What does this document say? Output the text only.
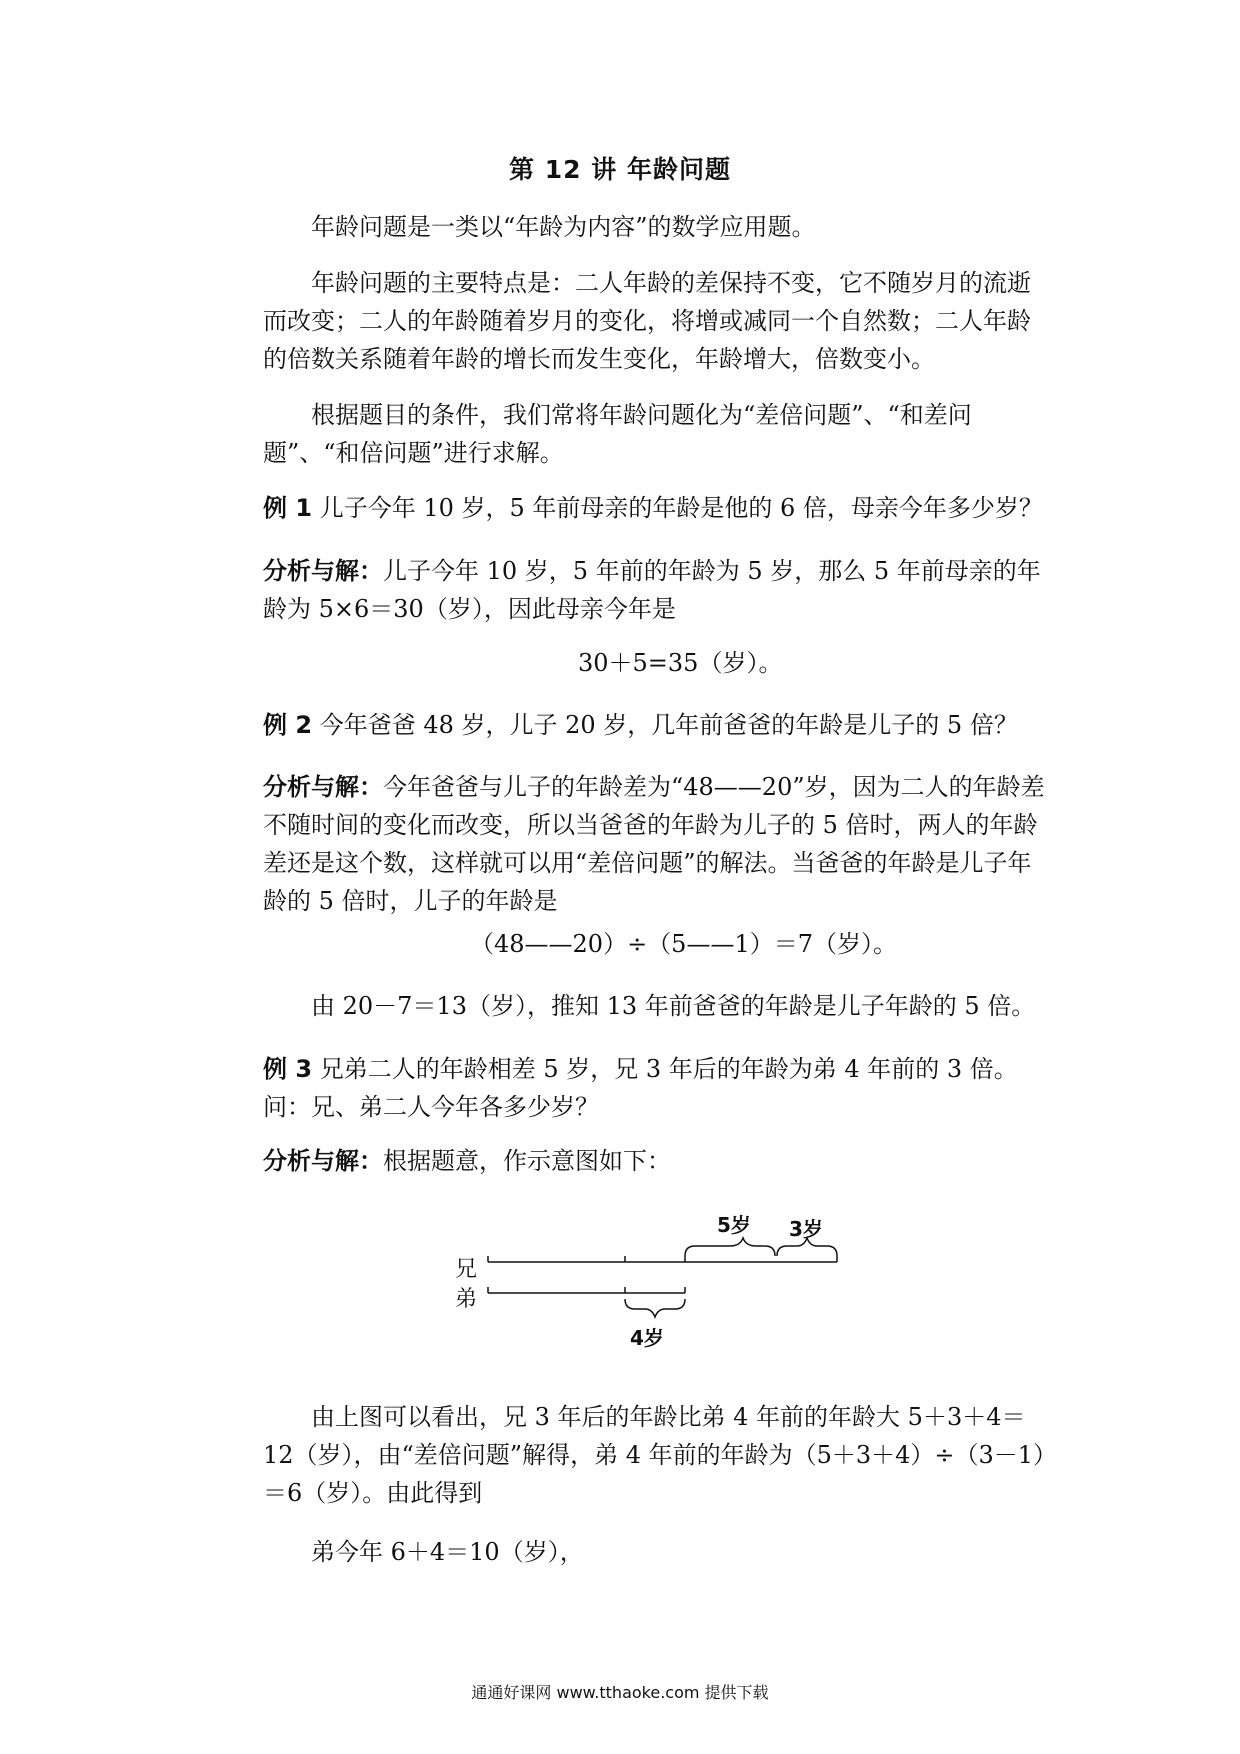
第 12 讲 年龄问题
年龄问题是一类以“年龄为内容”的数学应用题。
年龄问题的主要特点是：二人年龄的差保持不变，它不随岁月的流逝而改变；二人的年龄随着岁月的变化，将增或减同一个自然数；二人年龄的倍数关系随着年龄的增长而发生变化，年龄增大，倍数变小。
根据题目的条件，我们常将年龄问题化为“差倍问题”、“和差问题”、“和倍问题”进行求解。
例 1 儿子今年 10 岁，5 年前母亲的年龄是他的 6 倍，母亲今年多少岁？
分析与解：儿子今年 10 岁，5 年前的年龄为 5 岁，那么 5 年前母亲的年龄为 5×6＝30（岁），因此母亲今年是
30＋5=35（岁）。
例 2 今年爸爸 48 岁，儿子 20 岁，几年前爸爸的年龄是儿子的 5 倍？
分析与解：今年爸爸与儿子的年龄差为“48——20”岁，因为二人的年龄差不随时间的变化而改变，所以当爸爸的年龄为儿子的 5 倍时，两人的年龄差还是这个数，这样就可以用“差倍问题”的解法。当爸爸的年龄是儿子年龄的 5 倍时，儿子的年龄是
（48——20）÷（5——1）＝7（岁）。
由 20－7＝13（岁），推知 13 年前爸爸的年龄是儿子年龄的 5 倍。
例 3 兄弟二人的年龄相差 5 岁，兄 3 年后的年龄为弟 4 年前的 3 倍。问：兄、弟二人今年各多少岁？
分析与解：根据题意，作示意图如下：
兄
弟
5岁 3岁
4岁
由上图可以看出，兄 3 年后的年龄比弟 4 年前的年龄大 5＋3＋4＝12（岁），由“差倍问题”解得，弟 4 年前的年龄为（5＋3＋4）÷（3－1）＝6（岁）。由此得到
弟今年 6＋4＝10（岁），
通通好课网 www.tthaoke.com 提供下载
